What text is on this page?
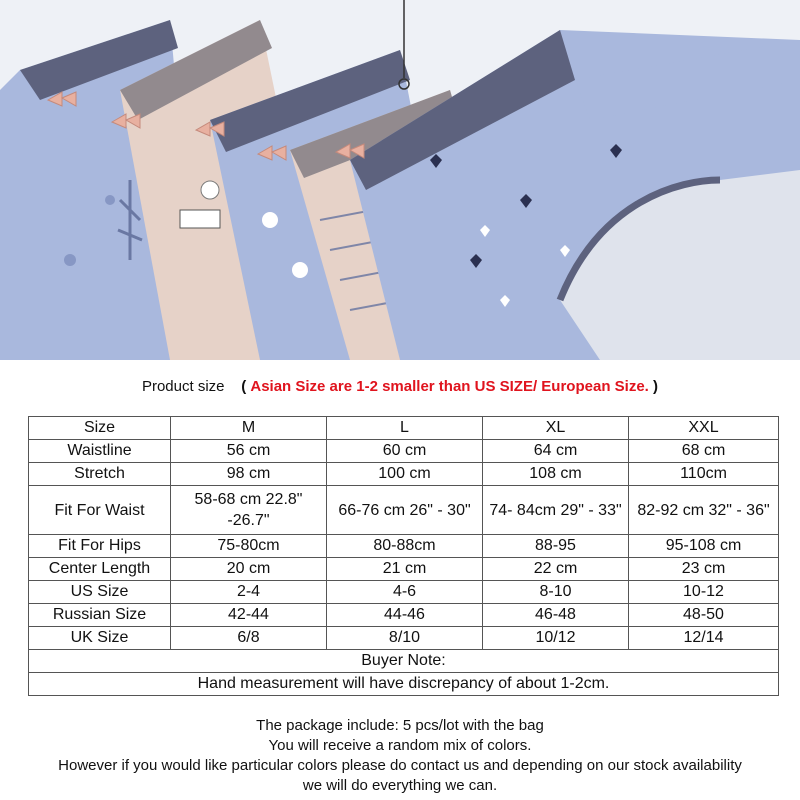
Product size ( Asian Size are 1-2 smaller than US SIZE/ European Size. )
Size	M	L	XL	XXL
Waistline	56 cm	60 cm	64 cm	68 cm
Stretch	98 cm	100 cm	108 cm	110cm
Fit For Waist	58-68 cm 22.8" -26.7"	66-76 cm 26" - 30"	74- 84cm 29" - 33"	82-92 cm 32" - 36"
Fit For Hips	75-80cm	80-88cm	88-95	95-108 cm
Center Length	20 cm	21 cm	22 cm	23 cm
US Size	2-4	4-6	8-10	10-12
Russian Size	42-44	44-46	46-48	48-50
UK Size	6/8	8/10	10/12	12/14
Buyer Note:				
Hand measurement will have discrepancy of about 1-2cm.				
The package include: 5 pcs/lot with the bag
You will receive a random mix of colors.
However if you would like particular colors please do contact us and depending on our stock availability
we will do everything we can.
